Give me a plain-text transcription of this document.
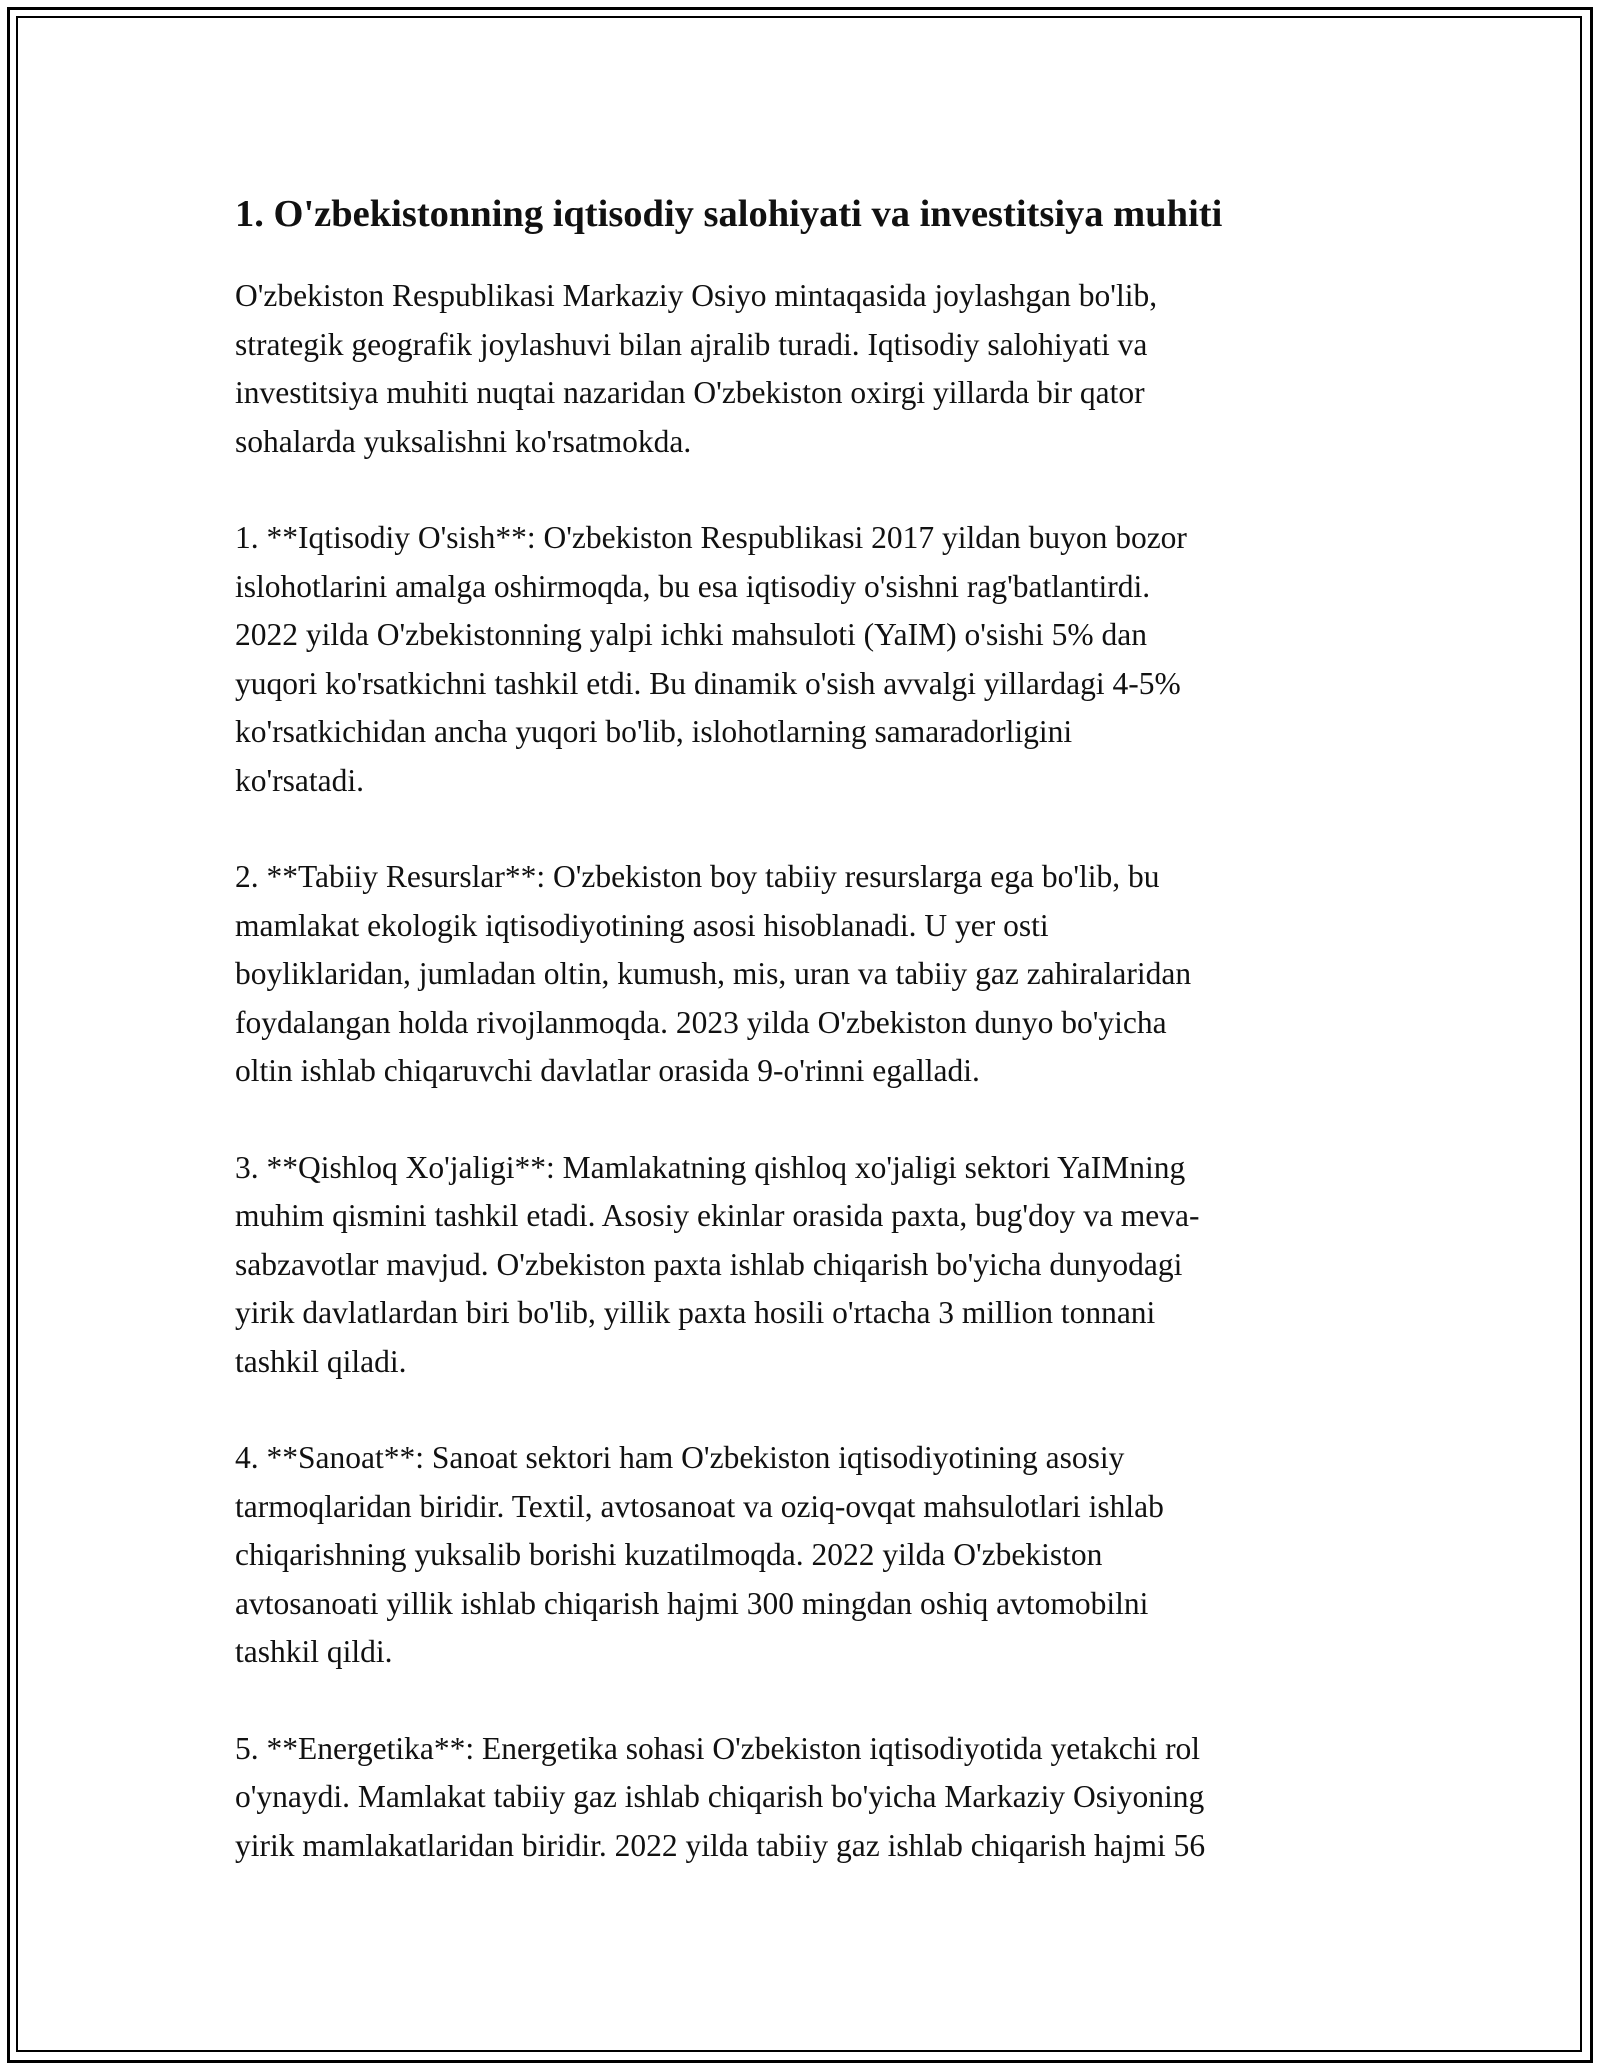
1. O'zbekistonning iqtisodiy salohiyati va investitsiya muhiti

O'zbekiston Respublikasi Markaziy Osiyo mintaqasida joylashgan bo'lib,
strategik geografik joylashuvi bilan ajralib turadi. Iqtisodiy salohiyati va
investitsiya muhiti nuqtai nazaridan O'zbekiston oxirgi yillarda bir qator
sohalarda yuksalishni ko'rsatmokda.

1. **Iqtisodiy O'sish**: O'zbekiston Respublikasi 2017 yildan buyon bozor
islohotlarini amalga oshirmoqda, bu esa iqtisodiy o'sishni rag'batlantirdi.
2022 yilda O'zbekistonning yalpi ichki mahsuloti (YaIM) o'sishi 5% dan
yuqori ko'rsatkichni tashkil etdi. Bu dinamik o'sish avvalgi yillardagi 4-5%
ko'rsatkichidan ancha yuqori bo'lib, islohotlarning samaradorligini
ko'rsatadi.

2. **Tabiiy Resurslar**: O'zbekiston boy tabiiy resurslarga ega bo'lib, bu
mamlakat ekologik iqtisodiyotining asosi hisoblanadi. U yer osti
boyliklaridan, jumladan oltin, kumush, mis, uran va tabiiy gaz zahiralaridan
foydalangan holda rivojlanmoqda. 2023 yilda O'zbekiston dunyo bo'yicha
oltin ishlab chiqaruvchi davlatlar orasida 9-o'rinni egalladi.

3. **Qishloq Xo'jaligi**: Mamlakatning qishloq xo'jaligi sektori YaIMning
muhim qismini tashkil etadi. Asosiy ekinlar orasida paxta, bug'doy va meva-
sabzavotlar mavjud. O'zbekiston paxta ishlab chiqarish bo'yicha dunyodagi
yirik davlatlardan biri bo'lib, yillik paxta hosili o'rtacha 3 million tonnani
tashkil qiladi.

4. **Sanoat**: Sanoat sektori ham O'zbekiston iqtisodiyotining asosiy
tarmoqlaridan biridir. Textil, avtosanoat va oziq-ovqat mahsulotlari ishlab
chiqarishning yuksalib borishi kuzatilmoqda. 2022 yilda O'zbekiston
avtosanoati yillik ishlab chiqarish hajmi 300 mingdan oshiq avtomobilni
tashkil qildi.

5. **Energetika**: Energetika sohasi O'zbekiston iqtisodiyotida yetakchi rol
o'ynaydi. Mamlakat tabiiy gaz ishlab chiqarish bo'yicha Markaziy Osiyoning
yirik mamlakatlaridan biridir. 2022 yilda tabiiy gaz ishlab chiqarish hajmi 56
